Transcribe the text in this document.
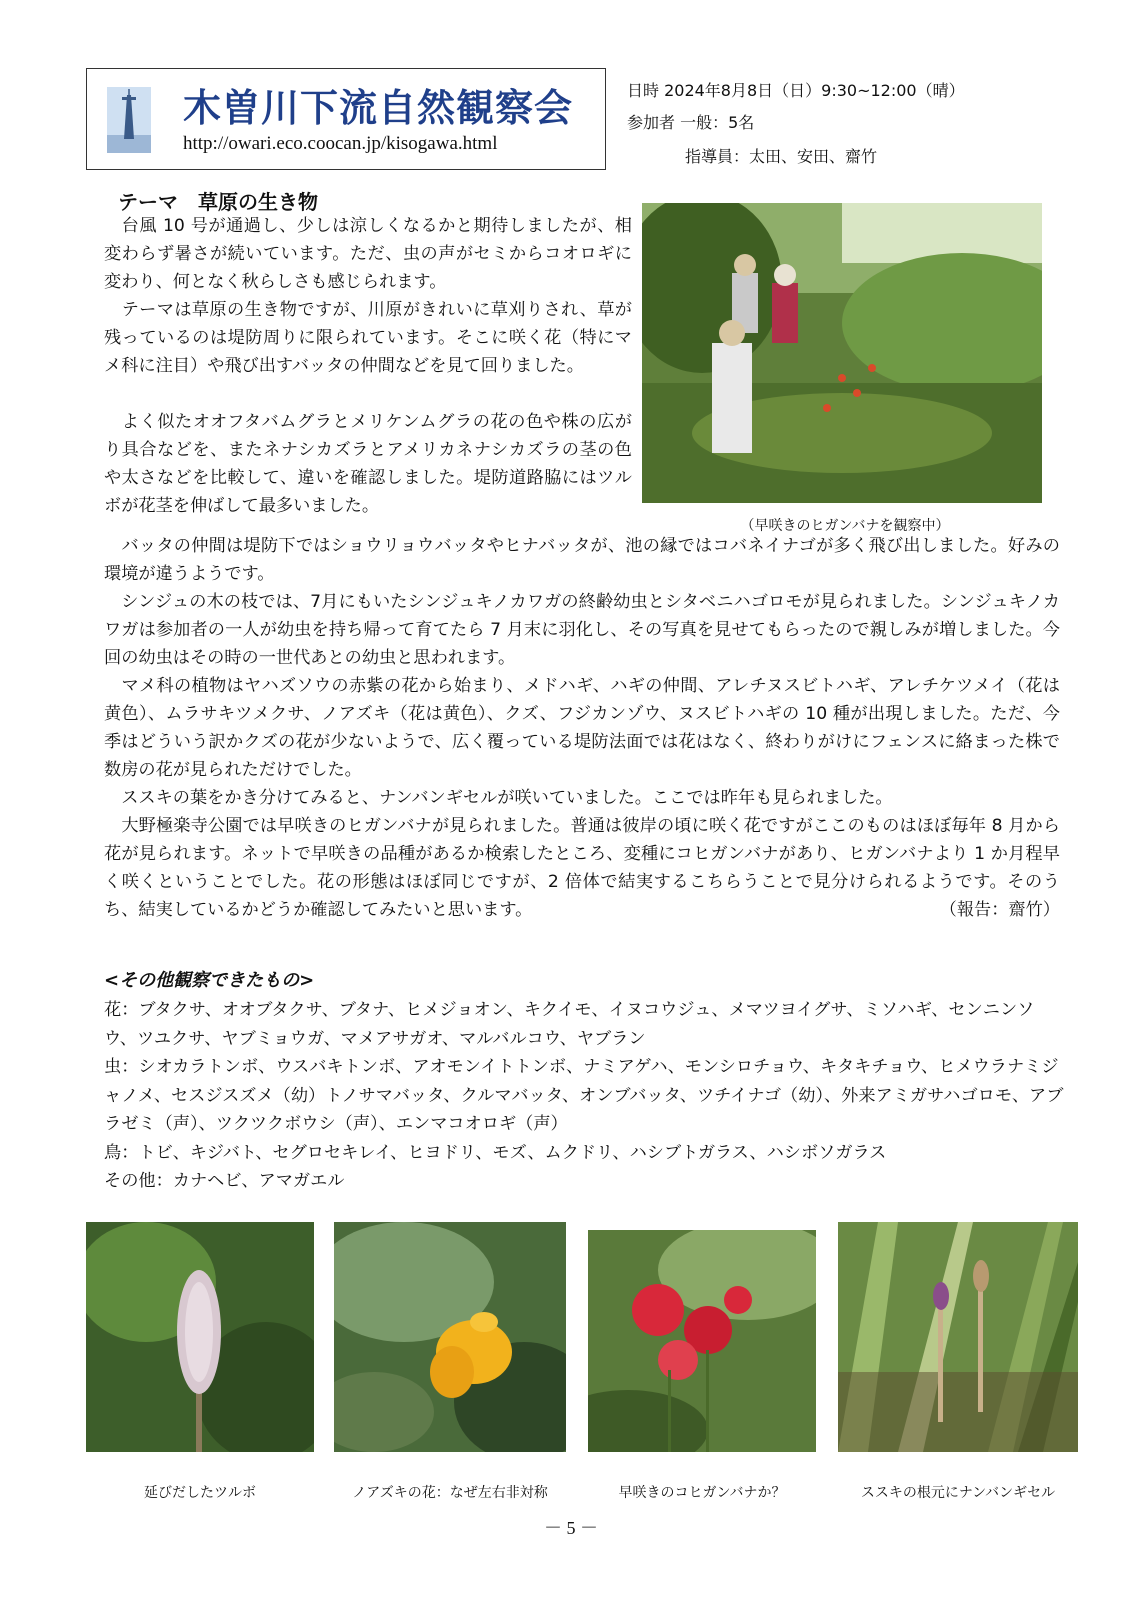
木曽川下流自然観察会
http://owari.eco.coocan.jp/kisogawa.html
日時 2024年8月8日（日）9:30~12:00（晴）
参加者 一般：5名
指導員：太田、安田、齋竹
テーマ　草原の生き物

　台風 10 号が通過し、少しは涼しくなるかと期待しましたが、相変わらず暑さが続いています。ただ、虫の声がセミからコオロギに変わり、何となく秋らしさも感じられます。

　テーマは草原の生き物ですが、川原がきれいに草刈りされ、草が残っているのは堤防周りに限られています。そこに咲く花（特にマメ科に注目）や飛び出すバッタの仲間などを見て回りました。

　よく似たオオフタバムグラとメリケンムグラの花の色や株の広がり具合などを、またネナシカズラとアメリカネナシカズラの茎の色や太さなどを比較して、違いを確認しました。堤防道路脇にはツルボが花茎を伸ばして最多いました。

（早咲きのヒガンバナを観察中）

　バッタの仲間は堤防下ではショウリョウバッタやヒナバッタが、池の縁ではコバネイナゴが多く飛び出しました。好みの環境が違うようです。

　シンジュの木の枝では、7月にもいたシンジュキノカワガの終齢幼虫とシタベニハゴロモが見られました。シンジュキノカワガは参加者の一人が幼虫を持ち帰って育てたら 7 月末に羽化し、その写真を見せてもらったので親しみが増しました。今回の幼虫はその時の一世代あとの幼虫と思われます。

　マメ科の植物はヤハズソウの赤紫の花から始まり、メドハギ、ハギの仲間、アレチヌスビトハギ、アレチケツメイ（花は黄色）、ムラサキツメクサ、ノアズキ（花は黄色）、クズ、フジカンゾウ、ヌスビトハギの 10 種が出現しました。ただ、今季はどういう訳かクズの花が少ないようで、広く覆っている堤防法面では花はなく、終わりがけにフェンスに絡まった株で数房の花が見られただけでした。

　ススキの葉をかき分けてみると、ナンバンギセルが咲いていました。ここでは昨年も見られました。

　大野極楽寺公園では早咲きのヒガンバナが見られました。普通は彼岸の頃に咲く花ですがここのものはほぼ毎年 8 月から花が見られます。ネットで早咲きの品種があるか検索したところ、変種にコヒガンバナがあり、ヒガンバナより 1 か月程早く咲くということでした。花の形態はほぼ同じですが、2 倍体で結実するこちらうことで見分けられるようです。そのうち、結実しているかどうか確認してみたいと思います。	（報告：齋竹）
<その他観察できたもの>

花：ブタクサ、オオブタクサ、ブタナ、ヒメジョオン、キクイモ、イヌコウジュ、メマツヨイグサ、ミソハギ、センニンソウ、ツユクサ、ヤブミョウガ、マメアサガオ、マルバルコウ、ヤブラン

虫：シオカラトンボ、ウスバキトンボ、アオモンイトトンボ、ナミアゲハ、モンシロチョウ、キタキチョウ、ヒメウラナミジャノメ、セスジスズメ（幼）トノサマバッタ、クルマバッタ、オンブバッタ、ツチイナゴ（幼）、外来アミガサハゴロモ、アブラゼミ（声）、ツクツクボウシ（声）、エンマコオロギ（声）

鳥：トビ、キジバト、セグロセキレイ、ヒヨドリ、モズ、ムクドリ、ハシブトガラス、ハシボソガラス

その他：カナヘビ、アマガエル

延びだしたツルボ	ノアズキの花：なぜ左右非対称	早咲きのコヒガンバナか？	ススキの根元にナンバンギセル
－ 5 －
